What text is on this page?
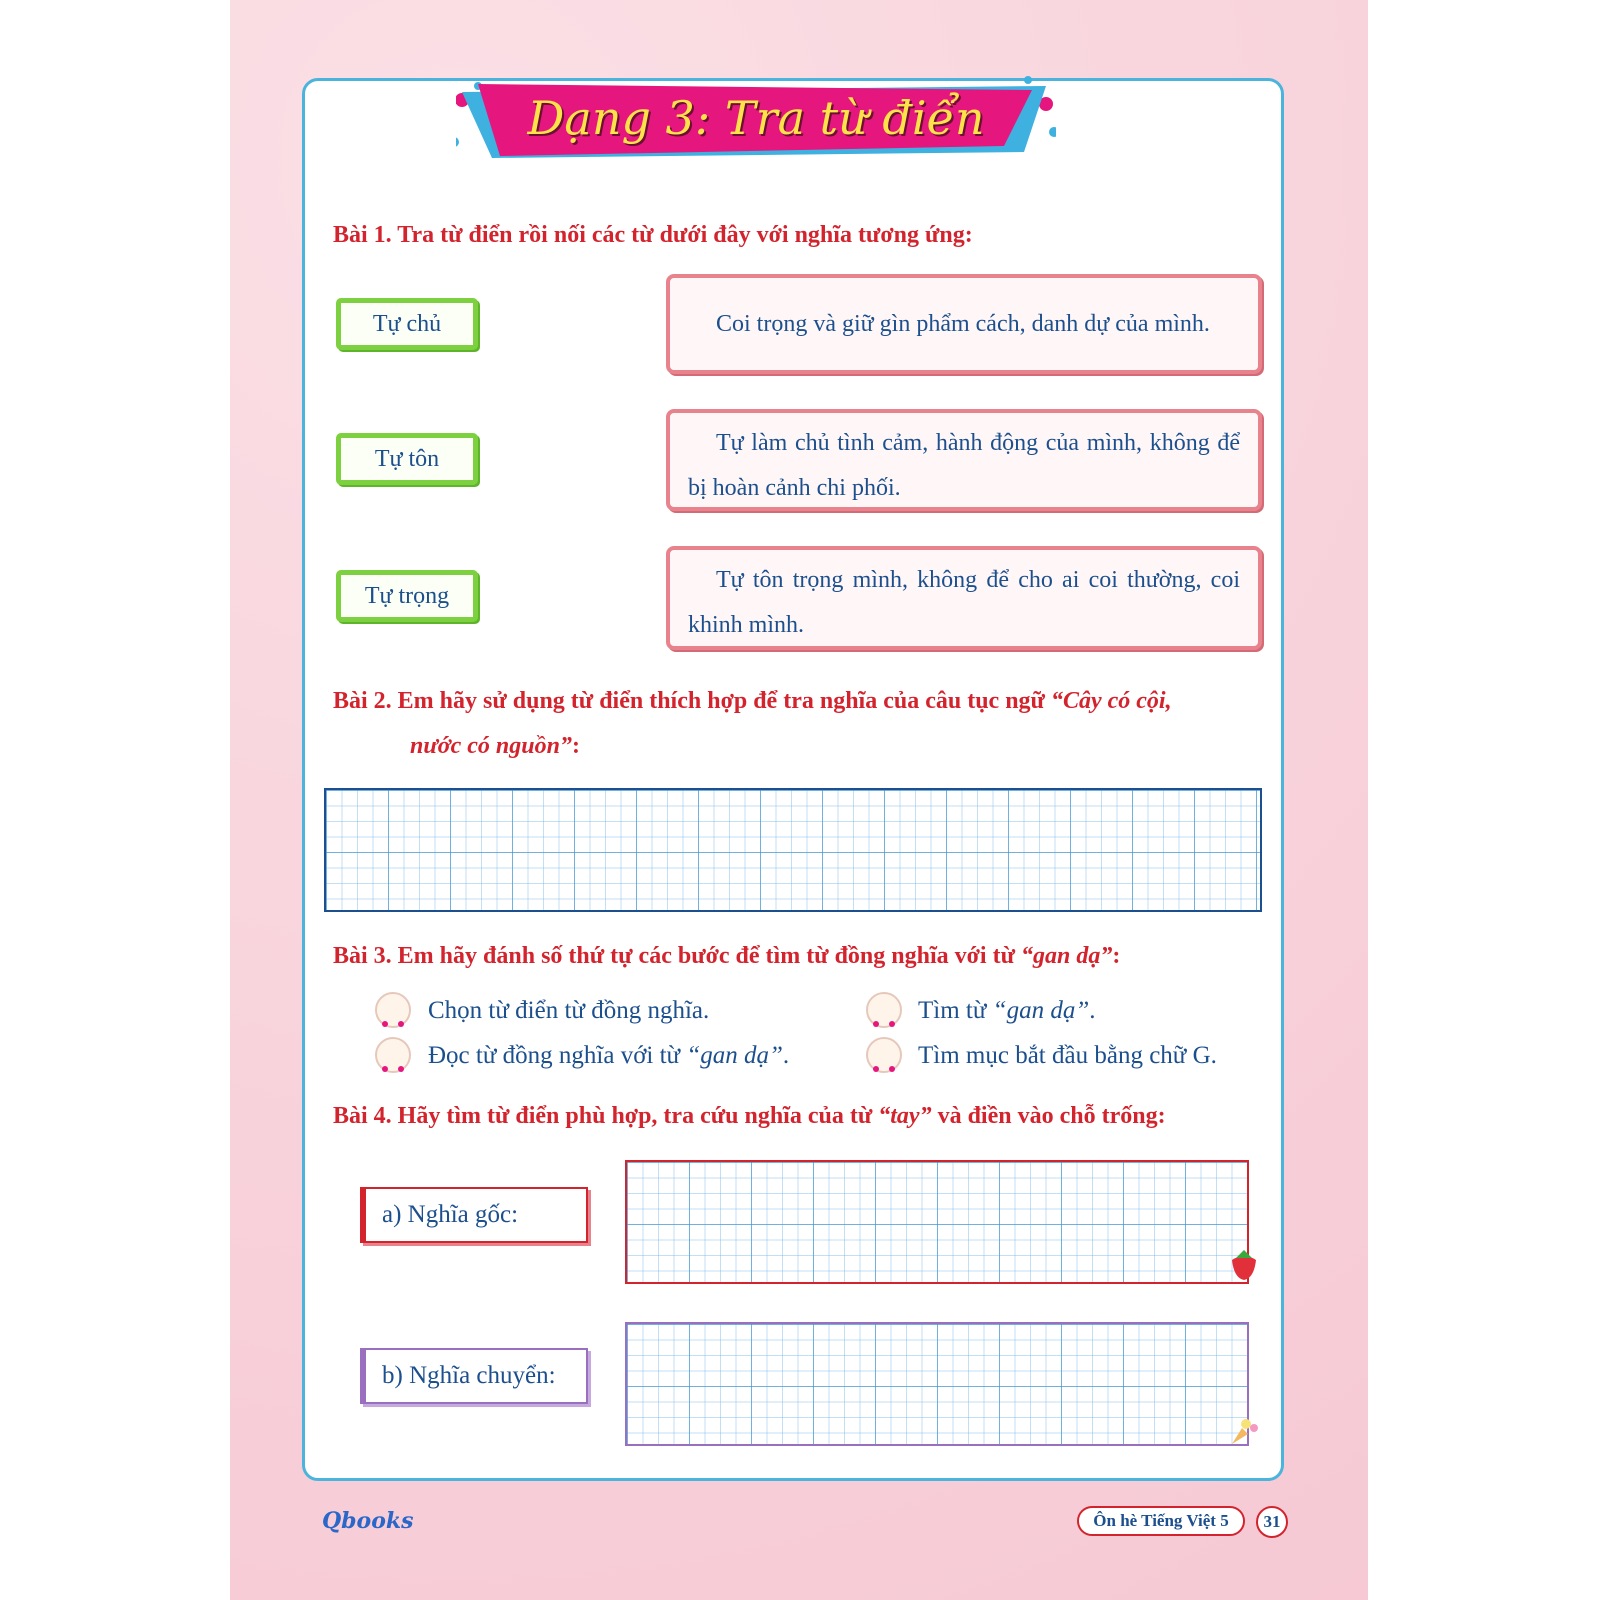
Dạng 3: Tra từ điển
Bài 1. Tra từ điển rồi nối các từ dưới đây với nghĩa tương ứng:
Tự chủ
Tự tôn
Tự trọng
Coi trọng và giữ gìn phẩm cách, danh dự của mình.
Tự làm chủ tình cảm, hành động của mình, không để bị hoàn cảnh chi phối.
Tự tôn trọng mình, không để cho ai coi thường, coi khinh mình.
Bài 2. Em hãy sử dụng từ điển thích hợp để tra nghĩa của câu tục ngữ “Cây có cội,
nước có nguồn”:
Bài 3. Em hãy đánh số thứ tự các bước để tìm từ đồng nghĩa với từ “gan dạ”:
Chọn từ điển từ đồng nghĩa.	Tìm từ “gan dạ”.
Đọc từ đồng nghĩa với từ “gan dạ”.	Tìm mục bắt đầu bằng chữ G.
Bài 4. Hãy tìm từ điển phù hợp, tra cứu nghĩa của từ “tay” và điền vào chỗ trống:
a) Nghĩa gốc:
b) Nghĩa chuyển:
Qbooks	Ôn hè Tiếng Việt 5	31
